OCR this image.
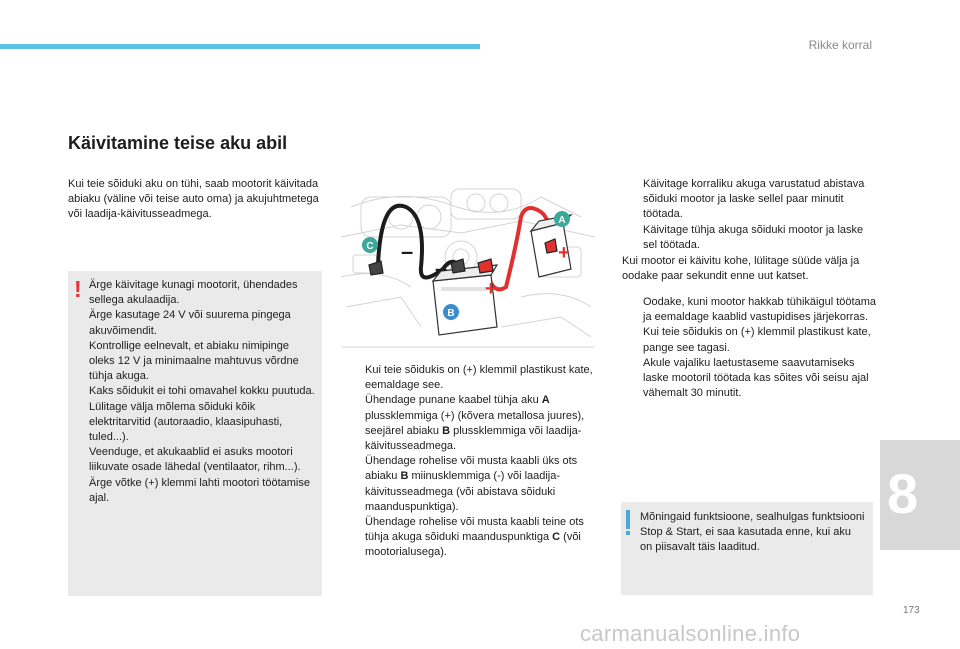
Rikke korral
Käivitamine teise aku abil
Kui teie sõiduki aku on tühi, saab mootorit käivitada abiaku (väline või teise auto oma) ja akujuhtmetega või laadija-käivitusseadmega.
! Ärge käivitage kunagi mootorit, ühendades sellega akulaadija.
Ärge kasutage 24 V või suurema pingega akuvõimendit.
Kontrollige eelnevalt, et abiaku nimipinge oleks 12 V ja minimaalne mahtuvus võrdne tühja akuga.
Kaks sõidukit ei tohi omavahel kokku puutuda.
Lülitage välja mõlema sõiduki kõik elektritarvitid (autoraadio, klaasipuhasti, tuled...).
Veenduge, et akukaablid ei asuks mootori liikuvate osade lähedal (ventilaator, rihm...).
Ärge võtke (+) klemmi lahti mootori töötamise ajal.
–
–
+
+
A
B
C
Kui teie sõidukis on (+) klemmil plastikust kate, eemaldage see.
Ühendage punane kaabel tühja aku A plussklemmiga (+) (kõvera metallosa juures), seejärel abiaku B plussklemmiga või laadija-käivitusseadmega.
Ühendage rohelise või musta kaabli üks ots abiaku B miinusklemmiga (-) või laadija-käivitusseadmega (või abistava sõiduki maanduspunktiga).
Ühendage rohelise või musta kaabli teine ots tühja akuga sõiduki maanduspunktiga C (või mootorialusega).
Käivitage korraliku akuga varustatud abistava sõiduki mootor ja laske sellel paar minutit töötada.
Käivitage tühja akuga sõiduki mootor ja laske sel töötada.
Kui mootor ei käivitu kohe, lülitage süüde välja ja oodake paar sekundit enne uut katset.
Oodake, kuni mootor hakkab tühikäigul töötama ja eemaldage kaablid vastupidises järjekorras.
Kui teie sõidukis on (+) klemmil plastikust kate, pange see tagasi.
Akule vajaliku laetustaseme saavutamiseks laske mootoril töötada kas sõites või seisu ajal vähemalt 30 minutit.
Mõningaid funktsioone, sealhulgas funktsiooni Stop & Start, ei saa kasutada enne, kui aku on piisavalt täis laaditud.
8
173
carmanualsonline.info
